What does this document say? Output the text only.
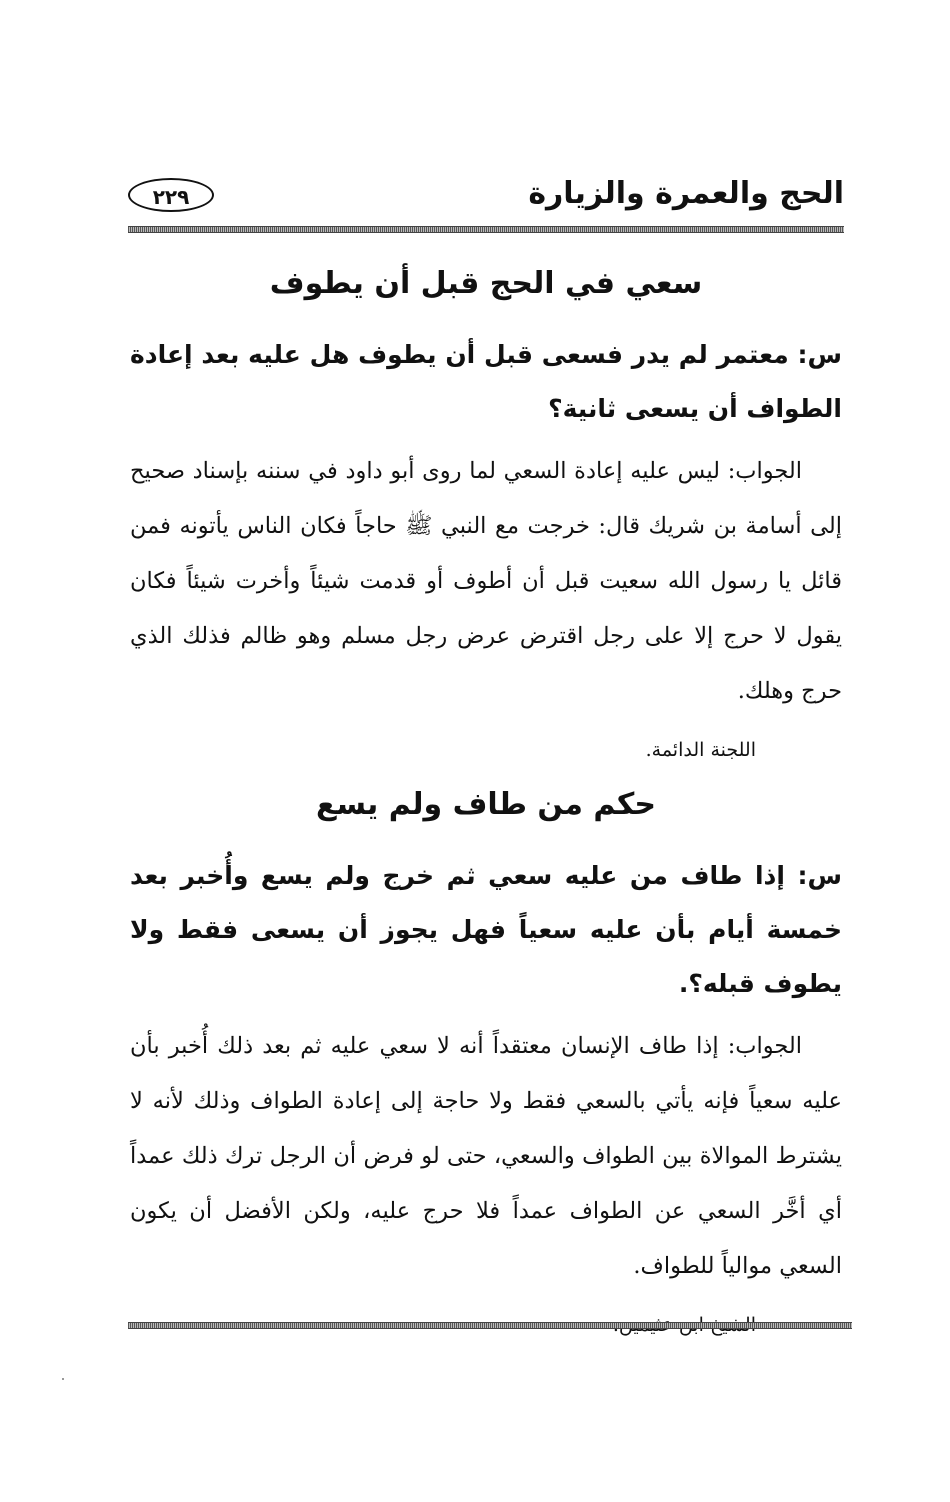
الحج والعمرة والزيارة
٢٢٩
سعي في الحج قبل أن يطوف

س: معتمر لم يدر فسعى قبل أن يطوف هل عليه بعد إعادة الطواف أن يسعى ثانية؟

الجواب: ليس عليه إعادة السعي لما روى أبو داود في سننه بإسناد صحيح إلى أسامة بن شريك قال: خرجت مع النبي ﷺ حاجاً فكان الناس يأتونه فمن قائل يا رسول الله سعيت قبل أن أطوف أو قدمت شيئاً وأخرت شيئاً فكان يقول لا حرج إلا على رجل اقترض عرض رجل مسلم وهو ظالم فذلك الذي حرج وهلك.

اللجنة الدائمة.
حكم من طاف ولم يسع

س: إذا طاف من عليه سعي ثم خرج ولم يسع وأُخبر بعد خمسة أيام بأن عليه سعياً فهل يجوز أن يسعى فقط ولا يطوف قبله؟.

الجواب: إذا طاف الإنسان معتقداً أنه لا سعي عليه ثم بعد ذلك أُخبر بأن عليه سعياً فإنه يأتي بالسعي فقط ولا حاجة إلى إعادة الطواف وذلك لأنه لا يشترط الموالاة بين الطواف والسعي، حتى لو فرض أن الرجل ترك ذلك عمداً أي أخَّر السعي عن الطواف عمداً فلا حرج عليه، ولكن الأفضل أن يكون السعي موالياً للطواف.
